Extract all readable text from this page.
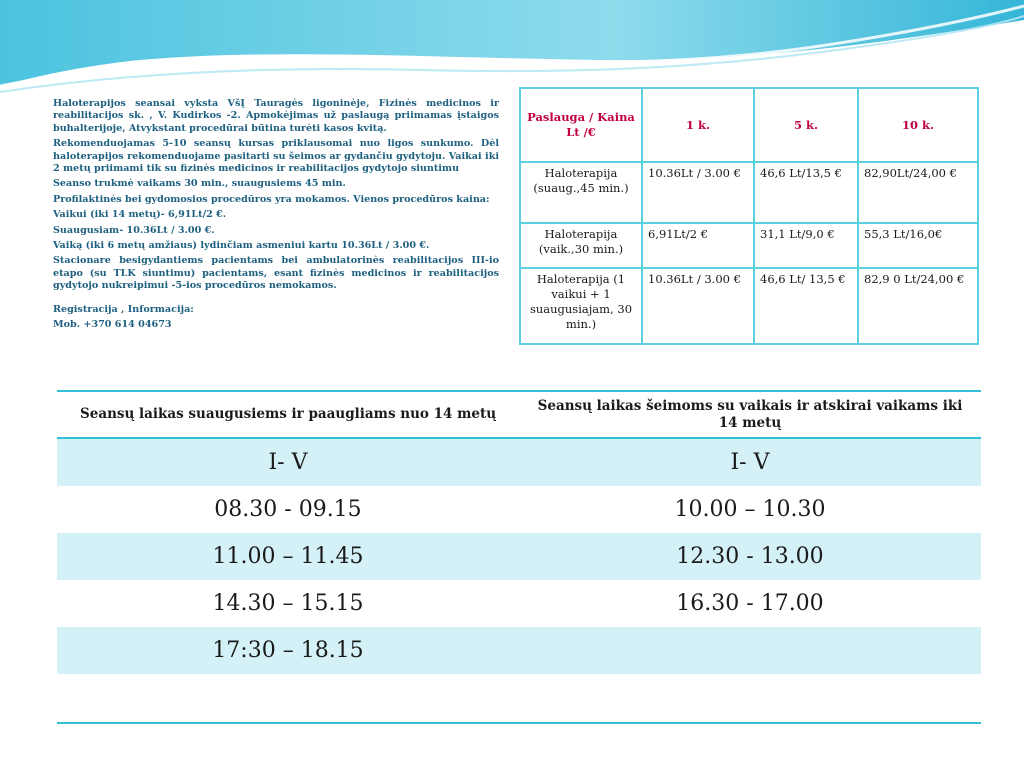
Haloterapijos seansai vyksta VšĮ Tauragės ligoninėje, Fizinės medicinos ir reabilitacijos sk. , V. Kudirkos -2. Apmokėjimas už paslaugą priimamas įstaigos buhalterijoje, Atvykstant procedūrai būtina turėti kasos kvitą.

Rekomenduojamas 5-10 seansų kursas priklausomai nuo ligos sunkumo. Dėl haloterapijos rekomenduojame pasitarti su šeimos ar gydančiu gydytoju. Vaikai iki 2 metų priimami tik su fizinės medicinos ir reabilitacijos gydytojo siuntimu

Seanso trukmė vaikams 30 min., suaugusiems 45 min.

Profilaktinės bei gydomosios procedūros yra mokamos. Vienos procedūros kaina:

Vaikui (iki 14 metų)- 6,91Lt/2 €.

Suaugusiam- 10.36Lt / 3.00 €.

Vaiką (iki 6 metų amžiaus) lydinčiam asmeniui kartu 10.36Lt / 3.00 €.

Stacionare besigydantiems pacientams bei ambulatorinės reabilitacijos III-io etapo (su TLK siuntimu) pacientams, esant fizinės medicinos ir reabilitacijos gydytojo nukreipimui -5-ios procedūros nemokamos.

Registracija , Informacija:

Mob. +370 614 04673

Paslauga / Kaina Lt /€	1 k.	5 k.	10 k.
Haloterapija (suaug.,45 min.)	10.36Lt / 3.00 €	46,6 Lt/13,5 €	82,90Lt/24,00 €
Haloterapija (vaik.,30 min.)	6,91Lt/2 €	31,1 Lt/9,0 €	55,3 Lt/16,0€
Haloterapija (1 vaikui + 1 suaugusiajam, 30 min.)	10.36Lt / 3.00 €	46,6 Lt/ 13,5 €	82,9 0 Lt/24,00 €
Seansų laikas suaugusiems ir paaugliams nuo 14 metų	Seansų laikas šeimoms su vaikais ir atskirai vaikams iki 14 metų
I- V	I- V
08.30 - 09.15	10.00 – 10.30
11.00 – 11.45	12.30 - 13.00
14.30 – 15.15	16.30 - 17.00
17:30 – 18.15	
